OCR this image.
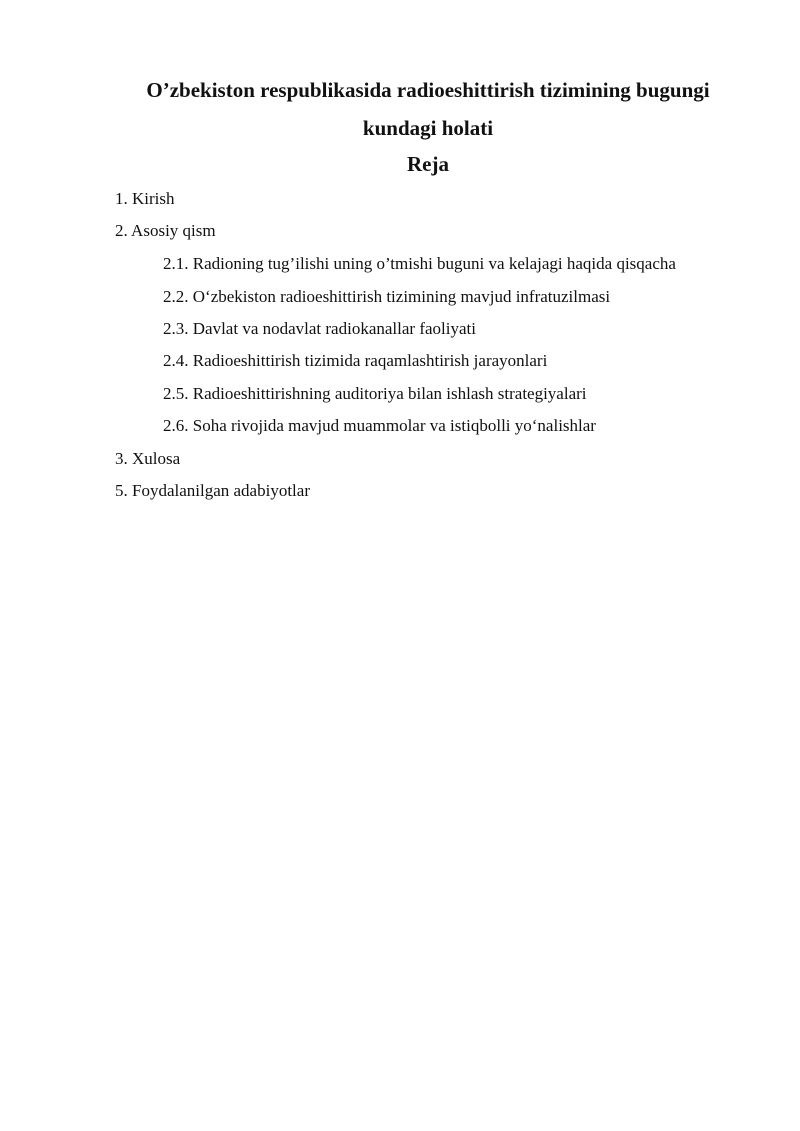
O’zbekiston respublikasida radioeshittirish tizimining bugungi
kundagi holati
Reja
1. Kirish
2. Asosiy qism
2.1. Radioning tug’ilishi uning o’tmishi buguni va kelajagi haqida qisqacha
2.2. O‘zbekiston radioeshittirish tizimining mavjud infratuzilmasi
2.3. Davlat va nodavlat radiokanallar faoliyati
2.4. Radioeshittirish tizimida raqamlashtirish jarayonlari
2.5. Radioeshittirishning auditoriya bilan ishlash strategiyalari
2.6. Soha rivojida mavjud muammolar va istiqbolli yo‘nalishlar
3. Xulosa
5. Foydalanilgan adabiyotlar
